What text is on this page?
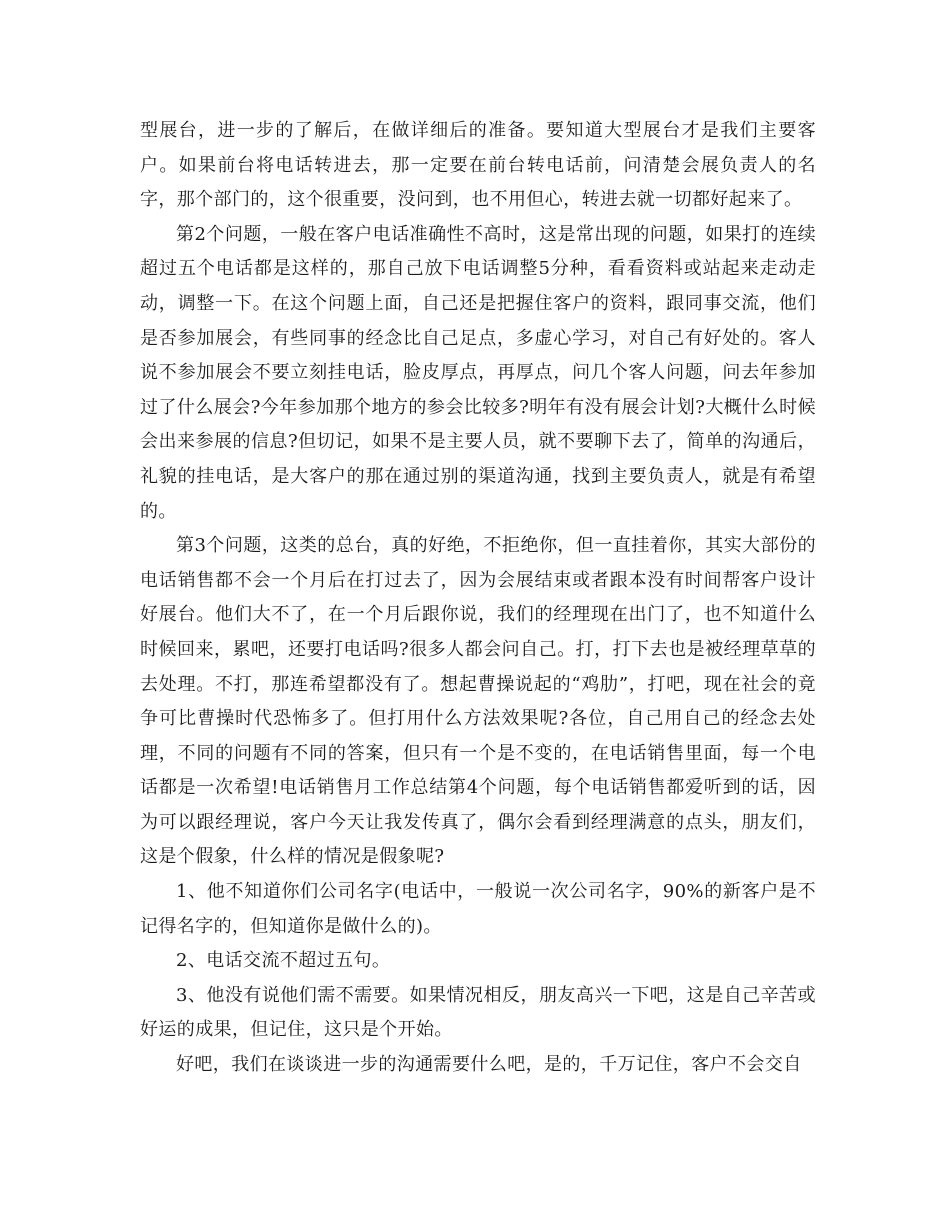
型展台，进一步的了解后，在做详细后的准备。要知道大型展台才是我们主要客户。如果前台将电话转进去，那一定要在前台转电话前，问清楚会展负责人的名字，那个部门的，这个很重要，没问到，也不用但心，转进去就一切都好起来了。

第2个问题，一般在客户电话准确性不高时，这是常出现的问题，如果打的连续超过五个电话都是这样的，那自己放下电话调整5分种，看看资料或站起来走动走动，调整一下。在这个问题上面，自己还是把握住客户的资料，跟同事交流，他们是否参加展会，有些同事的经念比自己足点，多虚心学习，对自己有好处的。客人说不参加展会不要立刻挂电话，脸皮厚点，再厚点，问几个客人问题，问去年参加过了什么展会?今年参加那个地方的参会比较多?明年有没有展会计划?大概什么时候会出来参展的信息?但切记，如果不是主要人员，就不要聊下去了，简单的沟通后，礼貌的挂电话，是大客户的那在通过别的渠道沟通，找到主要负责人，就是有希望的。

第3个问题，这类的总台，真的好绝，不拒绝你，但一直挂着你，其实大部份的电话销售都不会一个月后在打过去了，因为会展结束或者跟本没有时间帮客户设计好展台。他们大不了，在一个月后跟你说，我们的经理现在出门了，也不知道什么时候回来，累吧，还要打电话吗?很多人都会问自己。打，打下去也是被经理草草的去处理。不打，那连希望都没有了。想起曹操说起的“鸡肋”，打吧，现在社会的竟争可比曹操时代恐怖多了。但打用什么方法效果呢?各位，自己用自己的经念去处理，不同的问题有不同的答案，但只有一个是不变的，在电话销售里面，每一个电话都是一次希望!电话销售月工作总结第4个问题，每个电话销售都爱听到的话，因为可以跟经理说，客户今天让我发传真了，偶尔会看到经理满意的点头，朋友们，这是个假象，什么样的情况是假象呢?

1、他不知道你们公司名字(电话中，一般说一次公司名字，90%的新客户是不记得名字的，但知道你是做什么的)。

2、电话交流不超过五句。

3、他没有说他们需不需要。如果情况相反，朋友高兴一下吧，这是自己辛苦或好运的成果，但记住，这只是个开始。

好吧，我们在谈谈进一步的沟通需要什么吧，是的，千万记住，客户不会交自
